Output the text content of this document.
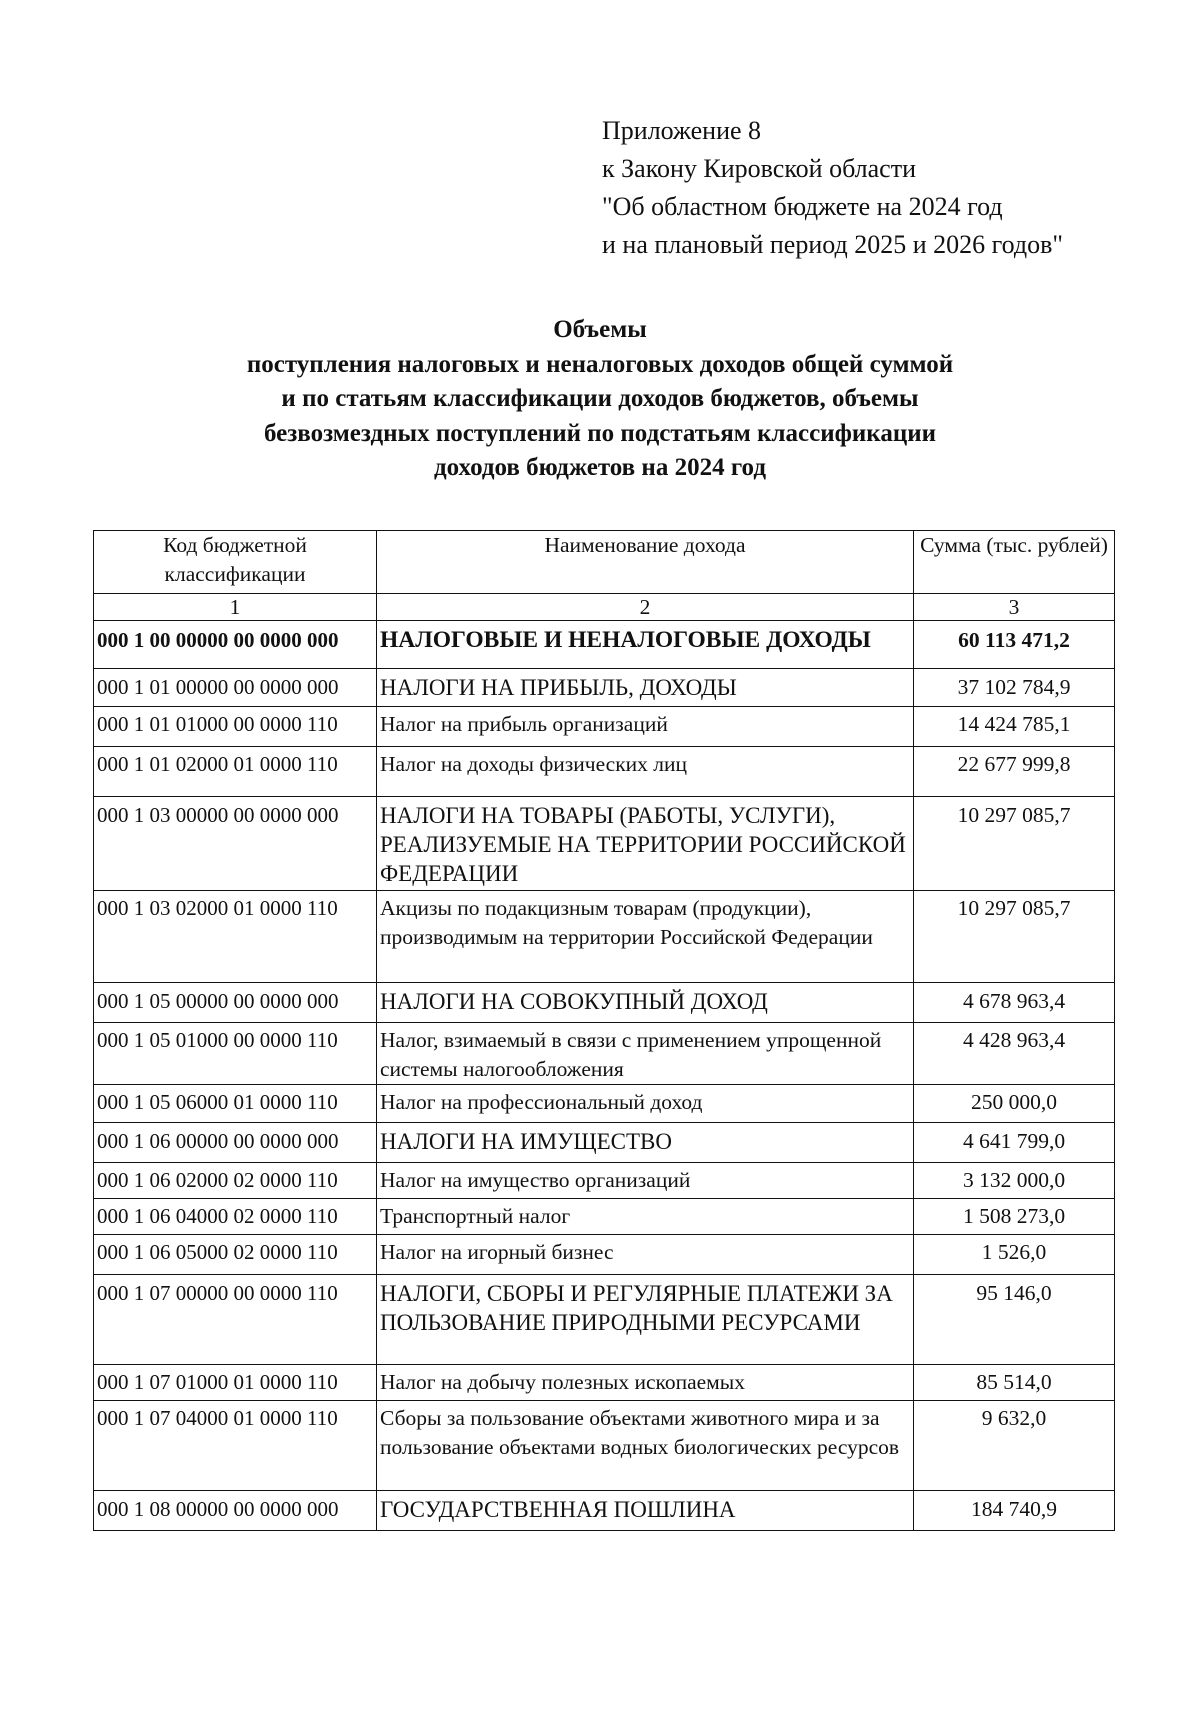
Приложение 8
к Закону Кировской области
"Об областном бюджете на 2024 год
и на плановый период 2025 и 2026 годов"
Объемы
поступления налоговых и неналоговых доходов общей суммой
и по статьям классификации доходов бюджетов, объемы
безвозмездных поступлений по подстатьям классификации
доходов бюджетов на 2024 год
Код бюджетной классификации	Наименование дохода	Сумма (тыс. рублей)
1	2	3
000 1 00 00000 00 0000 000	НАЛОГОВЫЕ И НЕНАЛОГОВЫЕ ДОХОДЫ	60 113 471,2
000 1 01 00000 00 0000 000	НАЛОГИ НА ПРИБЫЛЬ, ДОХОДЫ	37 102 784,9
000 1 01 01000 00 0000 110	Налог на прибыль организаций	14 424 785,1
000 1 01 02000 01 0000 110	Налог на доходы физических лиц	22 677 999,8
000 1 03 00000 00 0000 000	НАЛОГИ НА ТОВАРЫ (РАБОТЫ, УСЛУГИ), РЕАЛИЗУЕМЫЕ НА ТЕРРИТОРИИ РОССИЙСКОЙ ФЕДЕРАЦИИ	10 297 085,7
000 1 03 02000 01 0000 110	Акцизы по подакцизным товарам (продукции), производимым на территории Российской Федерации	10 297 085,7
000 1 05 00000 00 0000 000	НАЛОГИ НА СОВОКУПНЫЙ ДОХОД	4 678 963,4
000 1 05 01000 00 0000 110	Налог, взимаемый в связи с применением упрощенной системы налогообложения	4 428 963,4
000 1 05 06000 01 0000 110	Налог на профессиональный доход	250 000,0
000 1 06 00000 00 0000 000	НАЛОГИ НА ИМУЩЕСТВО	4 641 799,0
000 1 06 02000 02 0000 110	Налог на имущество организаций	3 132 000,0
000 1 06 04000 02 0000 110	Транспортный налог	1 508 273,0
000 1 06 05000 02 0000 110	Налог на игорный бизнес	1 526,0
000 1 07 00000 00 0000 110	НАЛОГИ, СБОРЫ И РЕГУЛЯРНЫЕ ПЛАТЕЖИ ЗА ПОЛЬЗОВАНИЕ ПРИРОДНЫМИ РЕСУРСАМИ	95 146,0
000 1 07 01000 01 0000 110	Налог на добычу полезных ископаемых	85 514,0
000 1 07 04000 01 0000 110	Сборы за пользование объектами животного мира и за пользование объектами водных биологических ресурсов	9 632,0
000 1 08 00000 00 0000 000	ГОСУДАРСТВЕННАЯ ПОШЛИНА	184 740,9
